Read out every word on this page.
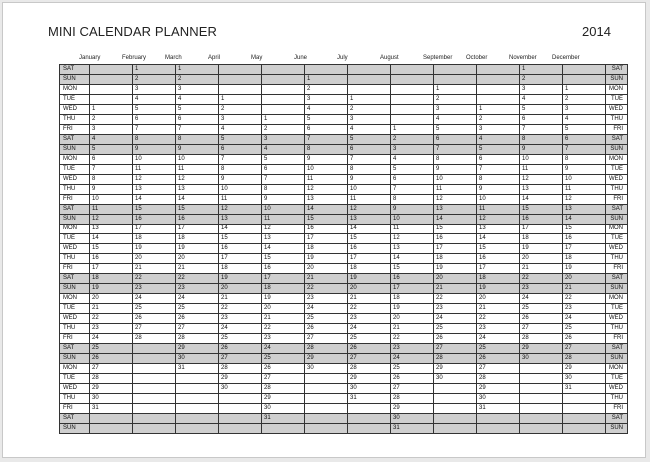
MINI CALENDAR PLANNER	2014
January	February	March	April	May	June	July	August	September	October	November	December
SAT		1	1								1		SAT
SUN		2	2			1					2		SUN
MON		3	3			2			1		3	1	MON
TUE		4	4	1		3	1		2		4	2	TUE
WED	1	5	5	2		4	2		3	1	5	3	WED
THU	2	6	6	3	1	5	3		4	2	6	4	THU
FRI	3	7	7	4	2	6	4	1	5	3	7	5	FRI
SAT	4	8	8	5	3	7	5	2	6	4	8	6	SAT
SUN	5	9	9	6	4	8	6	3	7	5	9	7	SUN
MON	6	10	10	7	5	9	7	4	8	6	10	8	MON
TUE	7	11	11	8	6	10	8	5	9	7	11	9	TUE
WED	8	12	12	9	7	11	9	6	10	8	12	10	WED
THU	9	13	13	10	8	12	10	7	11	9	13	11	THU
FRI	10	14	14	11	9	13	11	8	12	10	14	12	FRI
SAT	11	15	15	12	10	14	12	9	13	11	15	13	SAT
SUN	12	16	16	13	11	15	13	10	14	12	16	14	SUN
MON	13	17	17	14	12	16	14	11	15	13	17	15	MON
TUE	14	18	18	15	13	17	15	12	16	14	18	16	TUE
WED	15	19	19	16	14	18	16	13	17	15	19	17	WED
THU	16	20	20	17	15	19	17	14	18	16	20	18	THU
FRI	17	21	21	18	16	20	18	15	19	17	21	19	FRI
SAT	18	22	22	19	17	21	19	16	20	18	22	20	SAT
SUN	19	23	23	20	18	22	20	17	21	19	23	21	SUN
MON	20	24	24	21	19	23	21	18	22	20	24	22	MON
TUE	21	25	25	22	20	24	22	19	23	21	25	23	TUE
WED	22	26	26	23	21	25	23	20	24	22	26	24	WED
THU	23	27	27	24	22	26	24	21	25	23	27	25	THU
FRI	24	28	28	25	23	27	25	22	26	24	28	26	FRI
SAT	25		29	26	24	28	26	23	27	25	29	27	SAT
SUN	26		30	27	25	29	27	24	28	26	30	28	SUN
MON	27		31	28	26	30	28	25	29	27		29	MON
TUE	28			29	27		29	26	30	28		30	TUE
WED	29			30	28		30	27		29		31	WED
THU	30				29		31	28		30			THU
FRI	31				30			29		31			FRI
SAT					31			30					SAT
SUN								31					SUN
